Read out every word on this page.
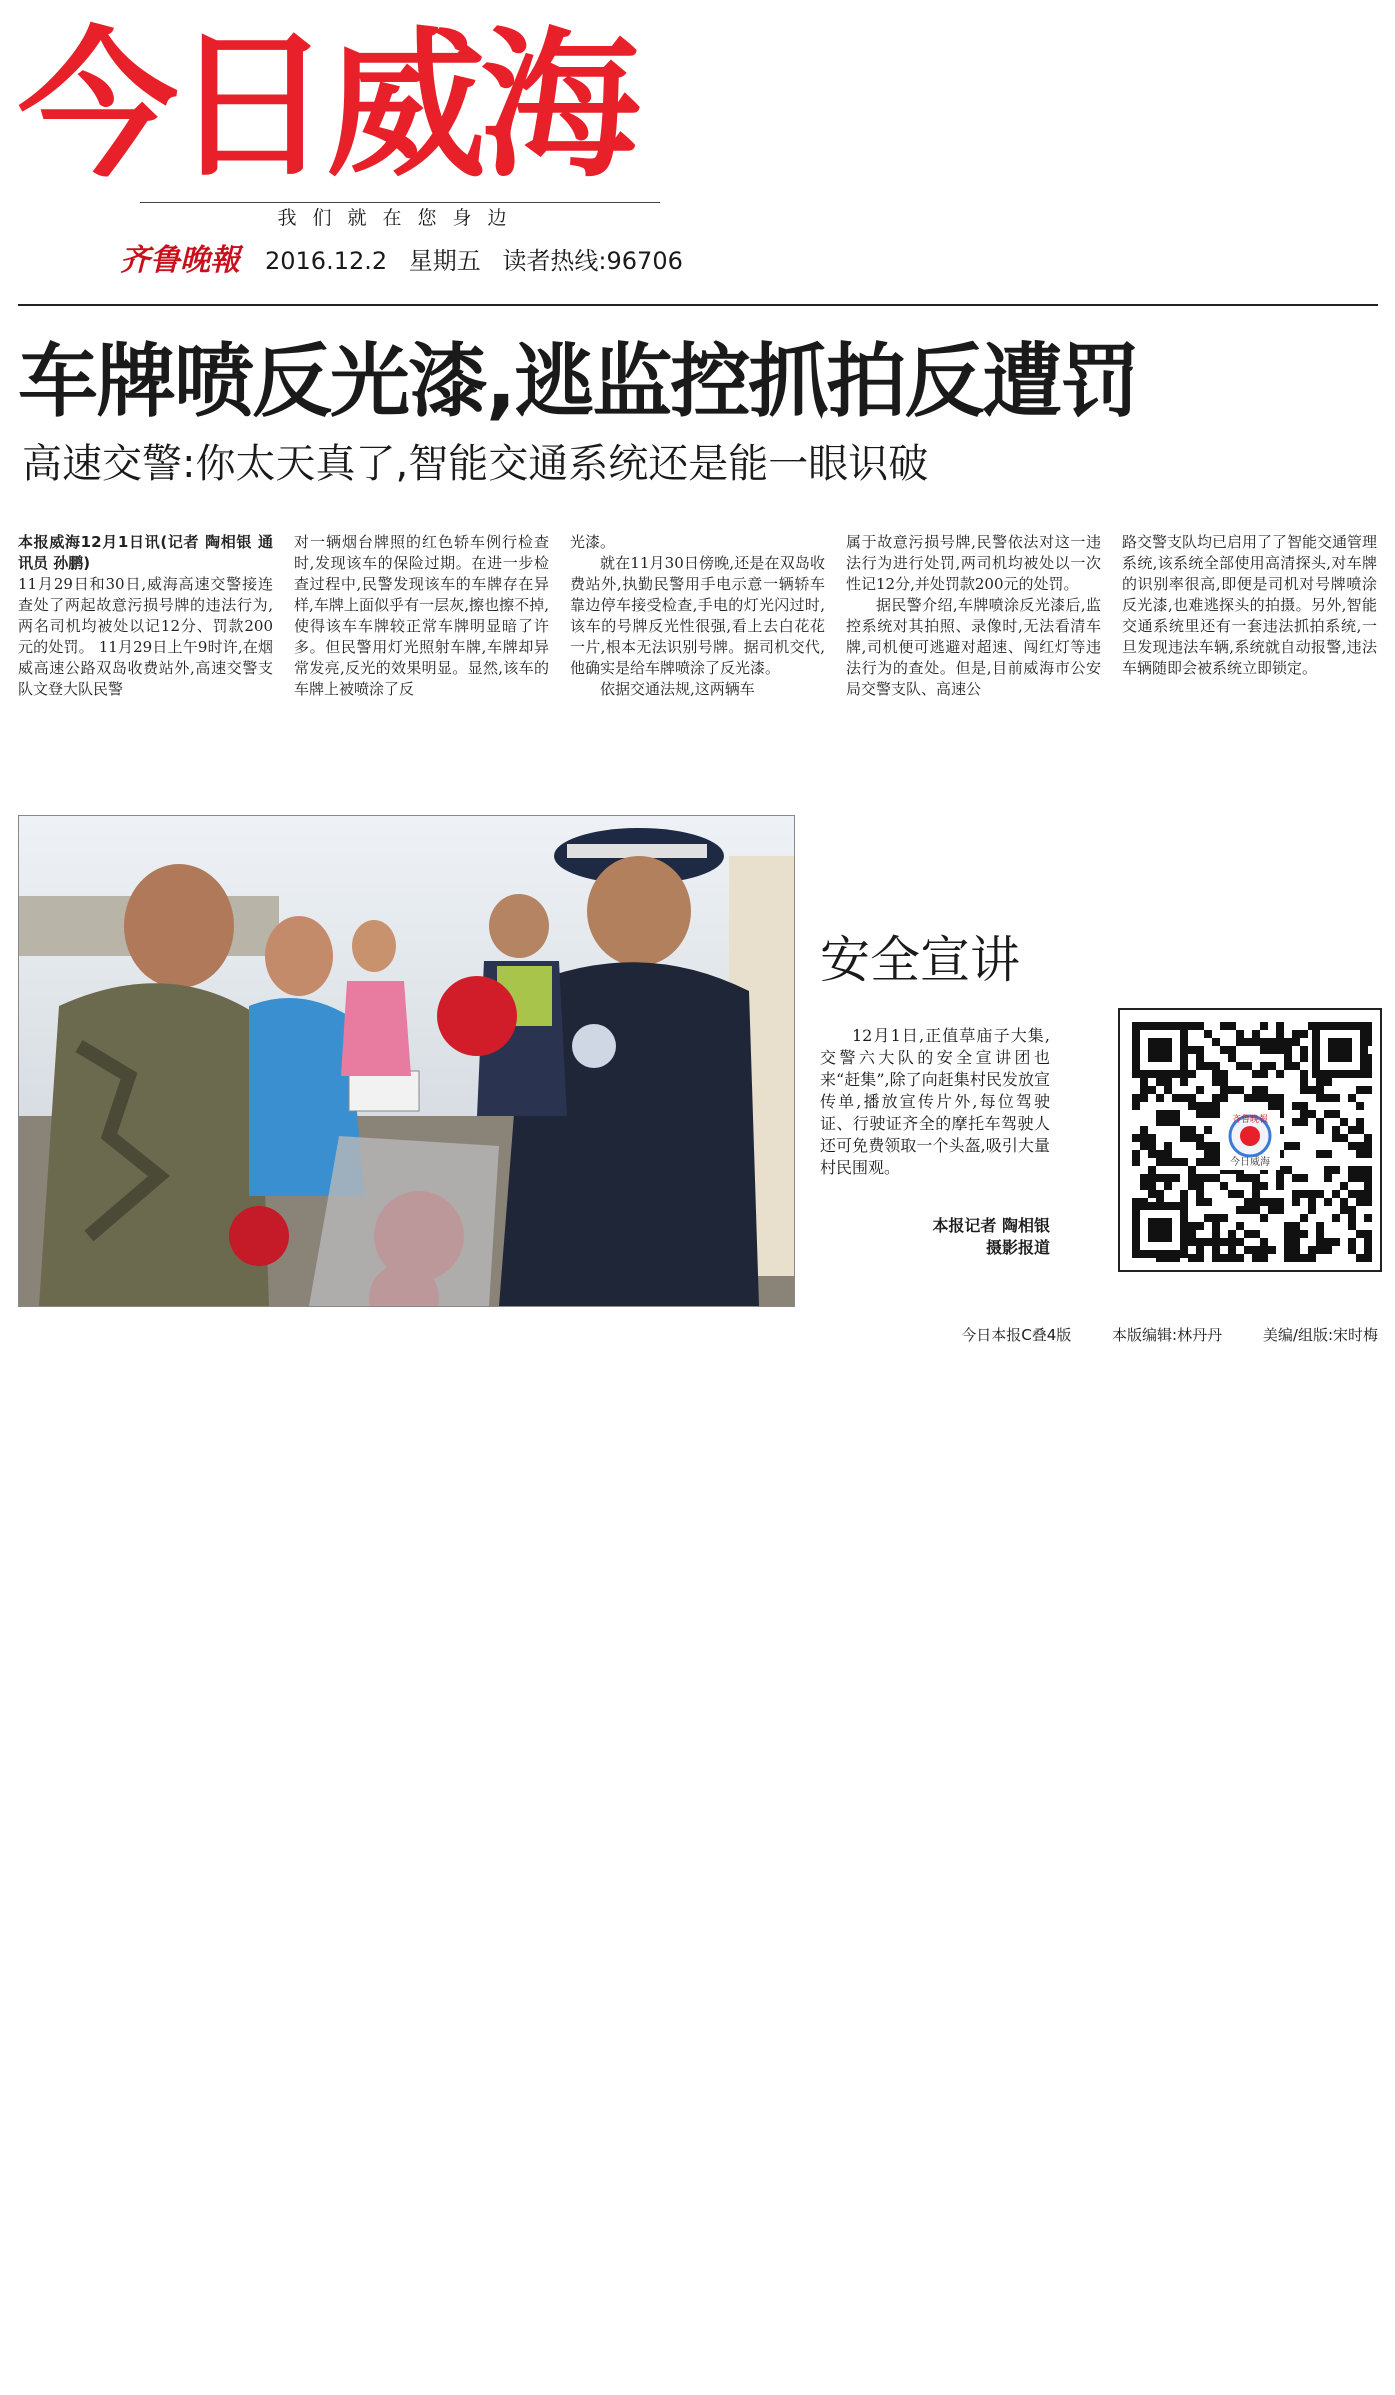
今日威海
我们就在您身边
齐鲁晚報 2016.12.2 星期五 读者热线:96706
车牌喷反光漆,逃监控抓拍反遭罚
高速交警:你太天真了,智能交通系统还是能一眼识破

本报威海12月1日讯(记者 陶相银 通讯员 孙鹏)

11月29日和30日,威海高速交警接连查处了两起故意污损号牌的违法行为,两名司机均被处以记12分、罚款200元的处罚。 11月29日上午9时许,在烟威高速公路双岛收费站外,高速交警支队文登大队民警

对一辆烟台牌照的红色轿车例行检查时,发现该车的保险过期。在进一步检查过程中,民警发现该车的车牌存在异样,车牌上面似乎有一层灰,擦也擦不掉,使得该车车牌较正常车牌明显暗了许多。但民警用灯光照射车牌,车牌却异常发亮,反光的效果明显。显然,该车的车牌上被喷涂了反

光漆。

就在11月30日傍晚,还是在双岛收费站外,执勤民警用手电示意一辆轿车靠边停车接受检查,手电的灯光闪过时,该车的号牌反光性很强,看上去白花花一片,根本无法识别号牌。据司机交代,他确实是给车牌喷涂了反光漆。

依据交通法规,这两辆车

属于故意污损号牌,民警依法对这一违法行为进行处罚,两司机均被处以一次性记12分,并处罚款200元的处罚。

据民警介绍,车牌喷涂反光漆后,监控系统对其拍照、录像时,无法看清车牌,司机便可逃避对超速、闯红灯等违法行为的查处。但是,目前威海市公安局交警支队、高速公

路交警支队均已启用了了智能交通管理系统,该系统全部使用高清探头,对车牌的识别率很高,即便是司机对号牌喷涂反光漆,也难逃探头的拍摄。另外,智能交通系统里还有一套违法抓拍系统,一旦发现违法车辆,系统就自动报警,违法车辆随即会被系统立即锁定。

安全宣讲

12月1日,正值草庙子大集,交警六大队的安全宣讲团也来“赶集”,除了向赶集村民发放宣传单,播放宣传片外,每位驾驶证、行驶证齐全的摩托车驾驶人还可免费领取一个头盔,吸引大量村民围观。

本报记者 陶相银
摄影报道
齐鲁晚報
今日威海
今日本报C叠4版	本版编辑:林丹丹	美编/组版:宋时梅
